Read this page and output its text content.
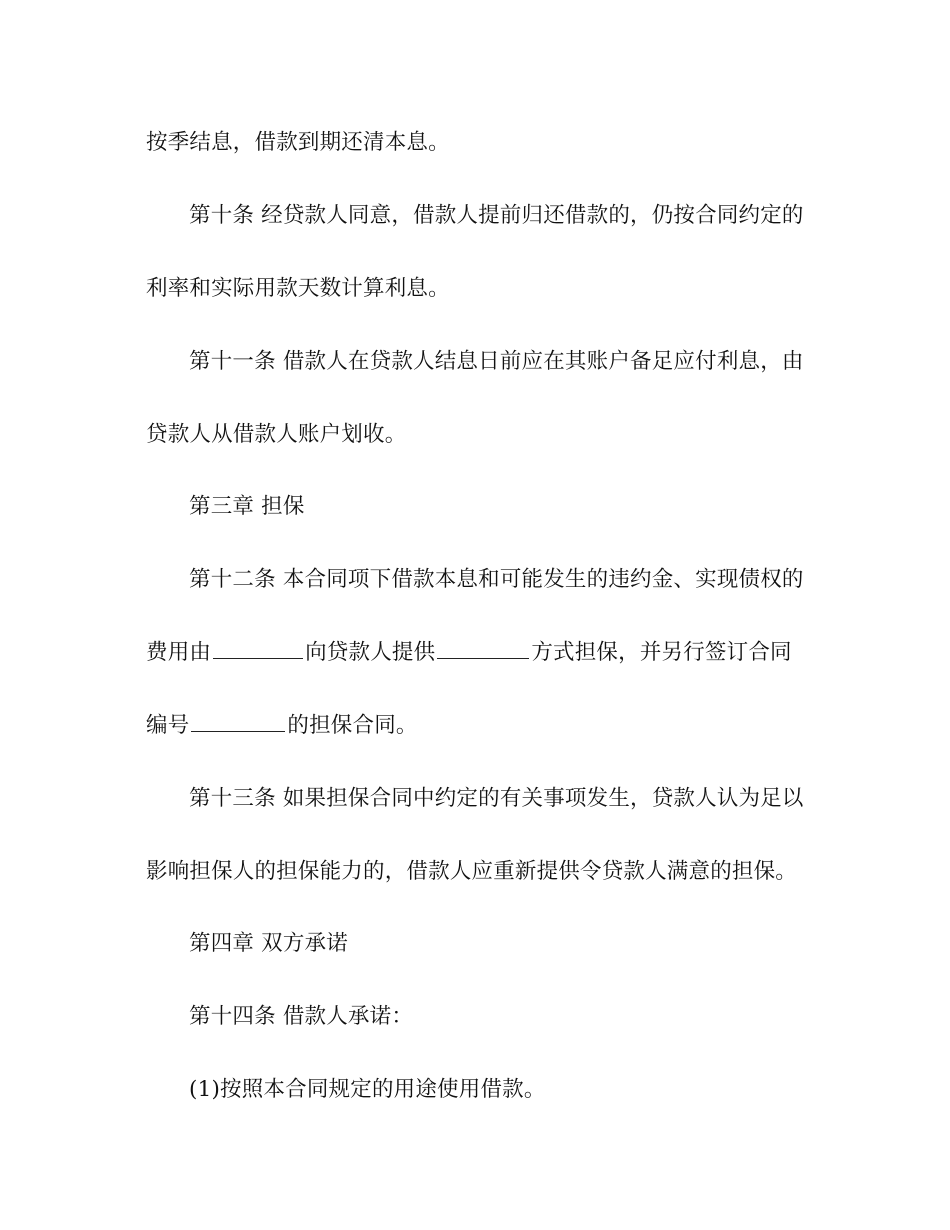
按季结息，借款到期还清本息。
第十条 经贷款人同意，借款人提前归还借款的，仍按合同约定的
利率和实际用款天数计算利息。
第十一条 借款人在贷款人结息日前应在其账户备足应付利息，由
贷款人从借款人账户划收。
第三章 担保
第十二条 本合同项下借款本息和可能发生的违约金、实现债权的
费用由	向贷款人提供	方式担保，并另行签订合同
编号	的担保合同。
第十三条 如果担保合同中约定的有关事项发生，贷款人认为足以
影响担保人的担保能力的，借款人应重新提供令贷款人满意的担保。
第四章 双方承诺
第十四条 借款人承诺：
(1)按照本合同规定的用途使用借款。
